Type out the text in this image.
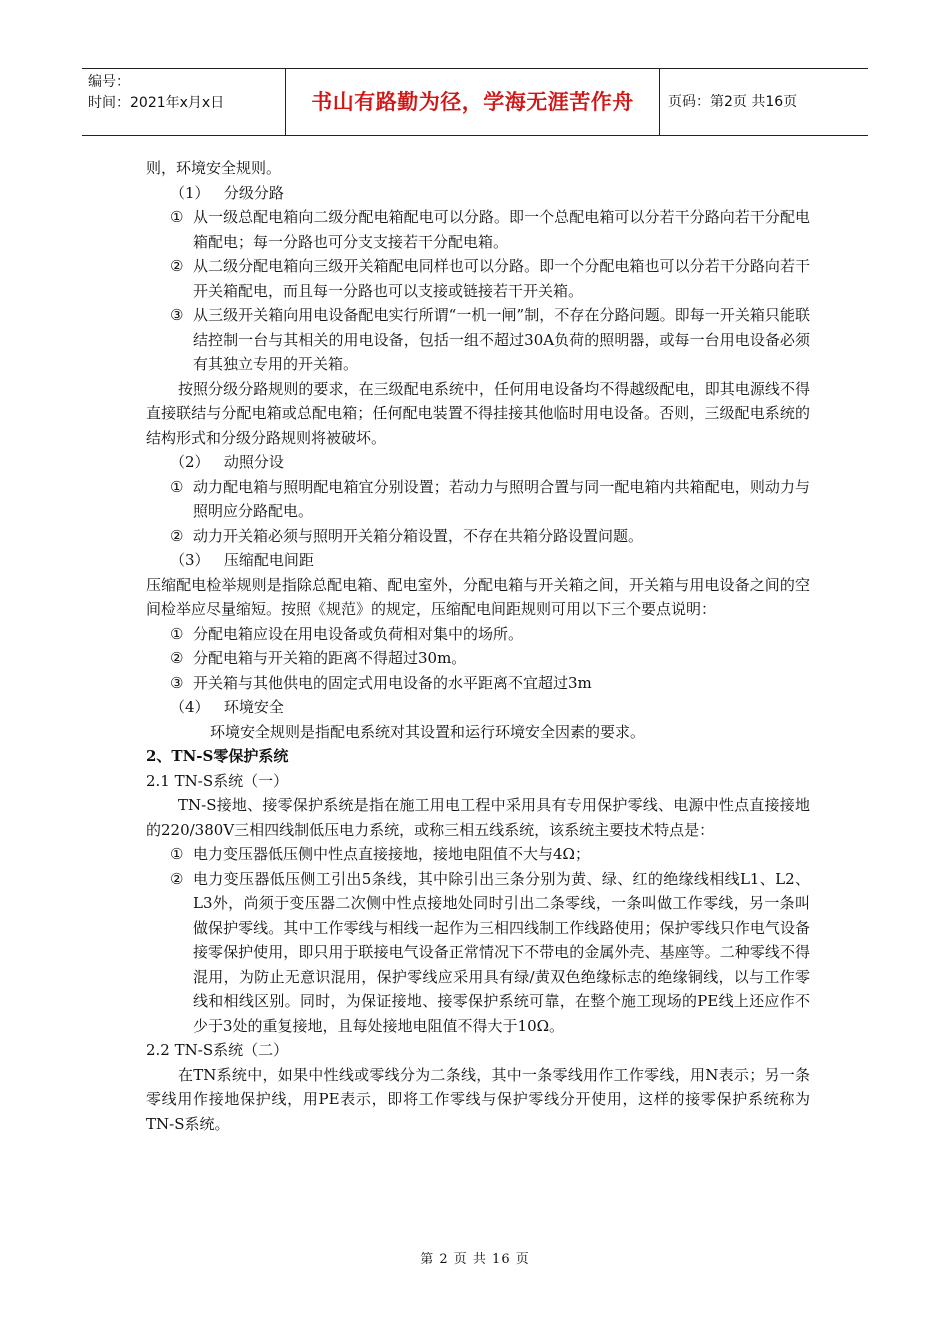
编号：
时间：2021年x月x日	书山有路勤为径，学海无涯苦作舟	页码：第2页 共16页

则，环境安全规则。

（1） 分级分路
① 从一级总配电箱向二级分配电箱配电可以分路。即一个总配电箱可以分若干分路向若干分配电箱配电；每一分路也可分支支接若干分配电箱。
② 从二级分配电箱向三级开关箱配电同样也可以分路。即一个分配电箱也可以分若干分路向若干开关箱配电，而且每一分路也可以支接或链接若干开关箱。
③ 从三级开关箱向用电设备配电实行所谓“一机一闸”制，不存在分路问题。即每一开关箱只能联结控制一台与其相关的用电设备，包括一组不超过30A负荷的照明器，或每一台用电设备必须有其独立专用的开关箱。

按照分级分路规则的要求，在三级配电系统中，任何用电设备均不得越级配电，即其电源线不得直接联结与分配电箱或总配电箱；任何配电装置不得挂接其他临时用电设备。否则，三级配电系统的结构形式和分级分路规则将被破坏。

（2） 动照分设
① 动力配电箱与照明配电箱宜分别设置；若动力与照明合置与同一配电箱内共箱配电，则动力与照明应分路配电。
② 动力开关箱必须与照明开关箱分箱设置，不存在共箱分路设置问题。
（3） 压缩配电间距

压缩配电检举规则是指除总配电箱、配电室外，分配电箱与开关箱之间，开关箱与用电设备之间的空间检举应尽量缩短。按照《规范》的规定，压缩配电间距规则可用以下三个要点说明：

① 分配电箱应设在用电设备或负荷相对集中的场所。
② 分配电箱与开关箱的距离不得超过30m。
③ 开关箱与其他供电的固定式用电设备的水平距离不宜超过3m
（4） 环境安全

环境安全规则是指配电系统对其设置和运行环境安全因素的要求。

2、TN-S零保护系统

2.1 TN-S系统（一）

TN-S接地、接零保护系统是指在施工用电工程中采用具有专用保护零线、电源中性点直接接地的220/380V三相四线制低压电力系统，或称三相五线系统，该系统主要技术特点是：

① 电力变压器低压侧中性点直接接地，接地电阻值不大与4Ω；
② 电力变压器低压侧工引出5条线，其中除引出三条分别为黄、绿、红的绝缘线相线L1、L2、L3外，尚须于变压器二次侧中性点接地处同时引出二条零线，一条叫做工作零线，另一条叫做保护零线。其中工作零线与相线一起作为三相四线制工作线路使用；保护零线只作电气设备接零保护使用，即只用于联接电气设备正常情况下不带电的金属外壳、基座等。二种零线不得混用，为防止无意识混用，保护零线应采用具有绿/黄双色绝缘标志的绝缘铜线，以与工作零线和相线区别。同时，为保证接地、接零保护系统可靠，在整个施工现场的PE线上还应作不少于3处的重复接地，且每处接地电阻值不得大于10Ω。

2.2 TN-S系统（二）

在TN系统中，如果中性线或零线分为二条线，其中一条零线用作工作零线，用N表示；另一条零线用作接地保护线，用PE表示，即将工作零线与保护零线分开使用，这样的接零保护系统称为TN-S系统。

第 2 页 共 16 页
